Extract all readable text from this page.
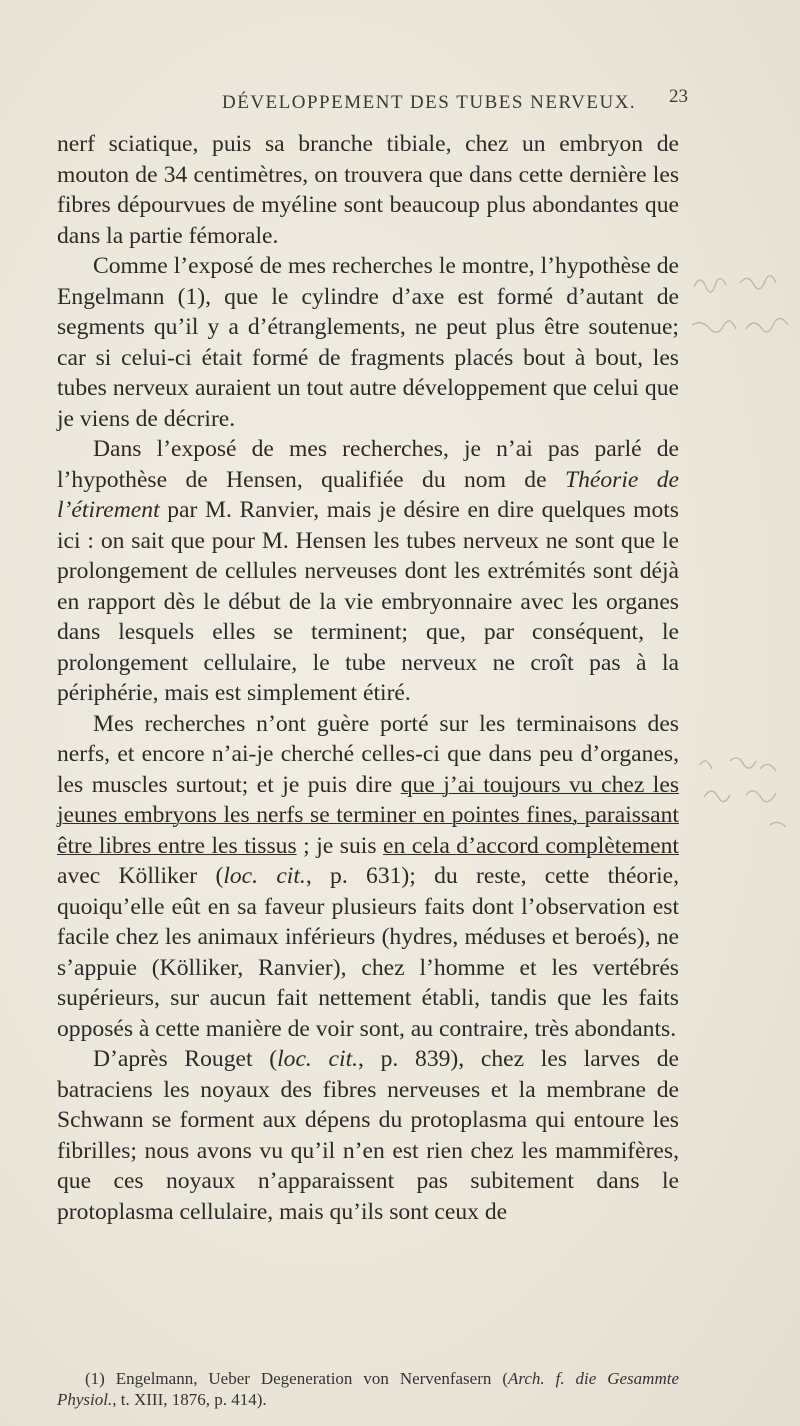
DÉVELOPPEMENT DES TUBES NERVEUX. 23

nerf sciatique, puis sa branche tibiale, chez un embryon de mouton de 34 centimètres, on trouvera que dans cette dernière les fibres dépourvues de myéline sont beaucoup plus abondantes que dans la partie fémorale.

Comme l’exposé de mes recherches le montre, l’hypothèse de Engelmann (1), que le cylindre d’axe est formé d’autant de segments qu’il y a d’étranglements, ne peut plus être soutenue; car si celui-ci était formé de fragments placés bout à bout, les tubes nerveux auraient un tout autre développement que celui que je viens de décrire.

Dans l’exposé de mes recherches, je n’ai pas parlé de l’hypothèse de Hensen, qualifiée du nom de Théorie de l’étirement par M. Ranvier, mais je désire en dire quelques mots ici : on sait que pour M. Hensen les tubes nerveux ne sont que le prolongement de cellules nerveuses dont les extrémités sont déjà en rapport dès le début de la vie embryonnaire avec les organes dans lesquels elles se terminent; que, par conséquent, le prolongement cellulaire, le tube nerveux ne croît pas à la périphérie, mais est simplement étiré.

Mes recherches n’ont guère porté sur les terminaisons des nerfs, et encore n’ai-je cherché celles-ci que dans peu d’organes, les muscles surtout; et je puis dire que j’ai toujours vu chez les jeunes embryons les nerfs se terminer en pointes fines, paraissant être libres entre les tissus ; je suis en cela d’accord complètement avec Kölliker (loc. cit., p. 631); du reste, cette théorie, quoiqu’elle eût en sa faveur plusieurs faits dont l’observation est facile chez les animaux inférieurs (hydres, méduses et beroés), ne s’appuie (Kölliker, Ranvier), chez l’homme et les vertébrés supérieurs, sur aucun fait nettement établi, tandis que les faits opposés à cette manière de voir sont, au contraire, très abondants.

D’après Rouget (loc. cit., p. 839), chez les larves de batraciens les noyaux des fibres nerveuses et la membrane de Schwann se forment aux dépens du protoplasma qui entoure les fibrilles; nous avons vu qu’il n’en est rien chez les mammifères, que ces noyaux n’apparaissent pas subitement dans le protoplasma cellulaire, mais qu’ils sont ceux de

(1) Engelmann, Ueber Degeneration von Nervenfasern (Arch. f. die Gesammte Physiol., t. XIII, 1876, p. 414).
